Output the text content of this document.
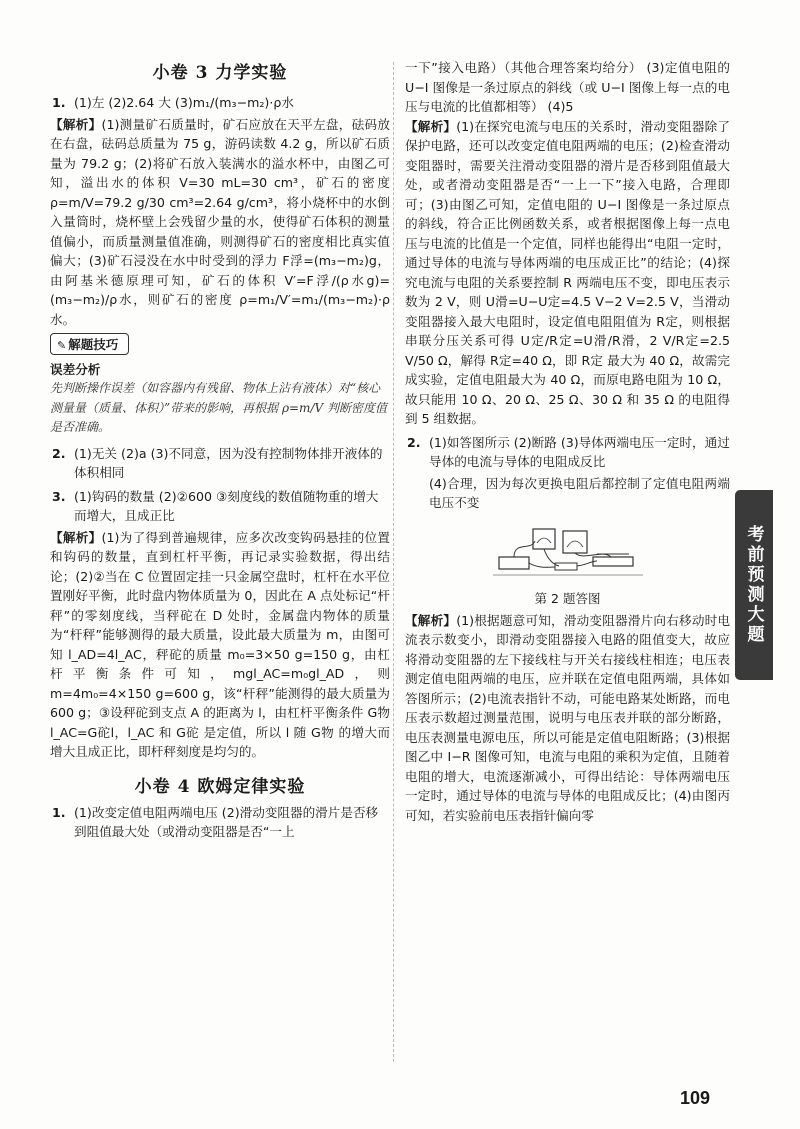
小卷 3 力学实验
1. (1)左 (2)2.64 大 (3)m₁/(m₃−m₂)·ρ水

【解析】(1)测量矿石质量时，矿石应放在天平左盘，砝码放在右盘，砝码总质量为 75 g，游码读数 4.2 g，所以矿石质量为 79.2 g；(2)将矿石放入装满水的溢水杯中，由图乙可知，溢出水的体积 V=30 mL=30 cm³，矿石的密度 ρ=m/V=79.2 g/30 cm³=2.64 g/cm³，将小烧杯中的水倒入量筒时，烧杯壁上会残留少量的水，使得矿石体积的测量值偏小，而质量测量值准确，则测得矿石的密度相比真实值偏大；(3)矿石浸没在水中时受到的浮力 F浮=(m₃−m₂)g，由阿基米德原理可知，矿石的体积 V′=F浮/(ρ水g)=(m₃−m₂)/ρ水，则矿石的密度 ρ=m₁/V′=m₁/(m₃−m₂)·ρ水。

✎ 解题技巧
误差分析
先判断操作误差（如容器内有残留、物体上沾有液体）对“核心测量量（质量、体积）”带来的影响，再根据 ρ=m/V 判断密度值是否准确。
2. (1)无关 (2)a (3)不同意，因为没有控制物体排开液体的体积相同
3. (1)钩码的数量 (2)②600 ③刻度线的数值随物重的增大而增大，且成正比

【解析】(1)为了得到普遍规律，应多次改变钩码悬挂的位置和钩码的数量，直到杠杆平衡，再记录实验数据，得出结论；(2)②当在 C 位置固定挂一只金属空盘时，杠杆在水平位置刚好平衡，此时盘内物体质量为 0，因此在 A 点处标记“杆秤”的零刻度线，当秤砣在 D 处时，金属盘内物体的质量为“杆秤”能够测得的最大质量，设此最大质量为 m，由图可知 l_AD=4l_AC，秤砣的质量 m₀=3×50 g=150 g，由杠杆平衡条件可知，mgl_AC=m₀gl_AD，则 m=4m₀=4×150 g=600 g，该“杆秤”能测得的最大质量为 600 g；③设秤砣到支点 A 的距离为 l，由杠杆平衡条件 G物l_AC=G砣l，l_AC 和 G砣 是定值，所以 l 随 G物 的增大而增大且成正比，即杆秤刻度是均匀的。

小卷 4 欧姆定律实验
1. (1)改变定值电阻两端电压 (2)滑动变阻器的滑片是否移到阻值最大处（或滑动变阻器是否“一上

一下”接入电路）（其他合理答案均给分） (3)定值电阻的 U−I 图像是一条过原点的斜线（或 U−I 图像上每一点的电压与电流的比值都相等） (4)5

【解析】(1)在探究电流与电压的关系时，滑动变阻器除了保护电路，还可以改变定值电阻两端的电压；(2)检查滑动变阻器时，需要关注滑动变阻器的滑片是否移到阻值最大处，或者滑动变阻器是否“一上一下”接入电路，合理即可；(3)由图乙可知，定值电阻的 U−I 图像是一条过原点的斜线，符合正比例函数关系，或者根据图像上每一点电压与电流的比值是一个定值，同样也能得出“电阻一定时，通过导体的电流与导体两端的电压成正比”的结论；(4)探究电流与电阻的关系要控制 R 两端电压不变，即电压表示数为 2 V，则 U滑=U−U定=4.5 V−2 V=2.5 V，当滑动变阻器接入最大电阻时，设定值电阻阻值为 R定，则根据串联分压关系可得 U定/R定=U滑/R滑，2 V/R定=2.5 V/50 Ω，解得 R定=40 Ω，即 R定 最大为 40 Ω，故需完成实验，定值电阻最大为 40 Ω，而原电路电阻为 10 Ω，故只能用 10 Ω、20 Ω、25 Ω、30 Ω 和 35 Ω 的电阻得到 5 组数据。

2. (1)如答图所示 (2)断路 (3)导体两端电压一定时，通过导体的电流与导体的电阻成反比

(4)合理，因为每次更换电阻后都控制了定值电阻两端电压不变

第 2 题答图

【解析】(1)根据题意可知，滑动变阻器滑片向右移动时电流表示数变小，即滑动变阻器接入电路的阻值变大，故应将滑动变阻器的左下接线柱与开关右接线柱相连；电压表测定值电阻两端的电压，应并联在定值电阻两端，具体如答图所示；(2)电流表指针不动，可能电路某处断路，而电压表示数超过测量范围，说明与电压表并联的部分断路，电压表测量电源电压，所以可能是定值电阻断路；(3)根据图乙中 I−R 图像可知，电流与电阻的乘积为定值，且随着电阻的增大，电流逐渐减小，可得出结论：导体两端电压一定时，通过导体的电流与导体的电阻成反比；(4)由图丙可知，若实验前电压表指针偏向零

考前预测大题
109
